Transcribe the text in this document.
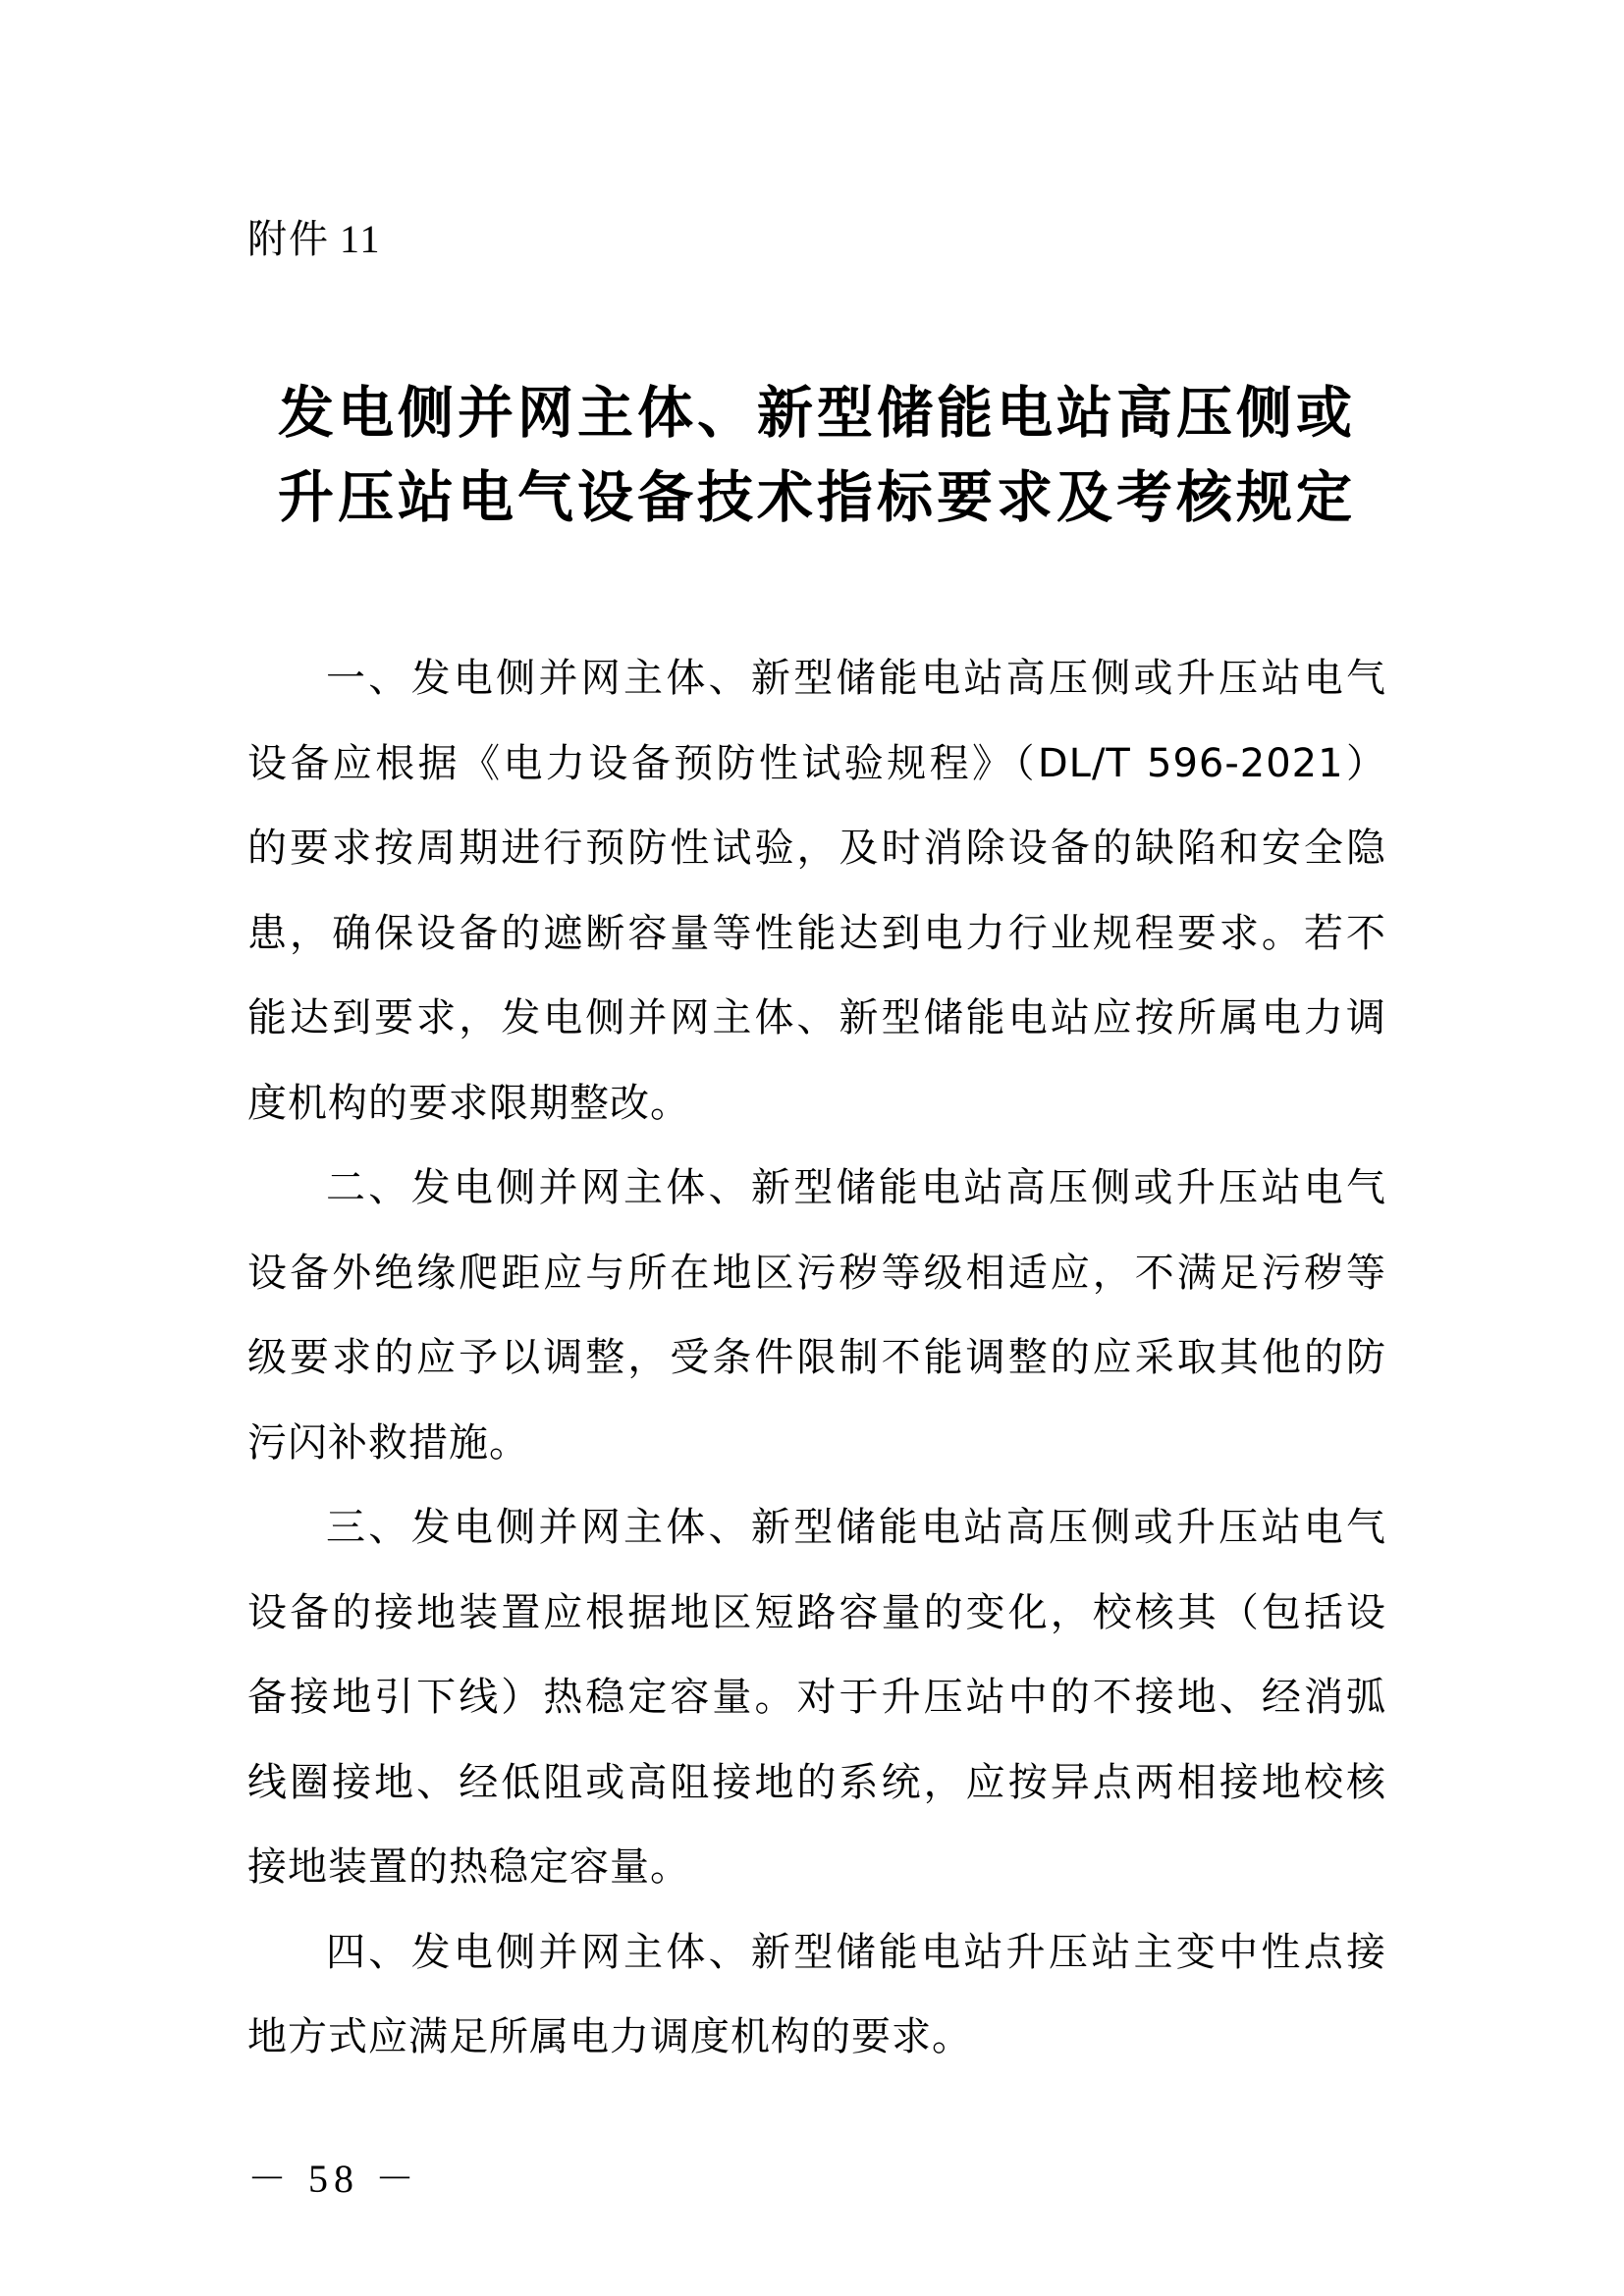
附件 11
发电侧并网主体、新型储能电站高压侧或
升压站电气设备技术指标要求及考核规定

一、发电侧并网主体、新型储能电站高压侧或升压站电气
设备应根据《电力设备预防性试验规程》（DL/T 596-2021）
的要求按周期进行预防性试验，及时消除设备的缺陷和安全隐
患，确保设备的遮断容量等性能达到电力行业规程要求。若不
能达到要求，发电侧并网主体、新型储能电站应按所属电力调
度机构的要求限期整改。

二、发电侧并网主体、新型储能电站高压侧或升压站电气
设备外绝缘爬距应与所在地区污秽等级相适应，不满足污秽等
级要求的应予以调整，受条件限制不能调整的应采取其他的防
污闪补救措施。

三、发电侧并网主体、新型储能电站高压侧或升压站电气
设备的接地装置应根据地区短路容量的变化，校核其（包括设
备接地引下线）热稳定容量。对于升压站中的不接地、经消弧
线圈接地、经低阻或高阻接地的系统，应按异点两相接地校核
接地装置的热稳定容量。

四、发电侧并网主体、新型储能电站升压站主变中性点接
地方式应满足所属电力调度机构的要求。

－ 58 －
